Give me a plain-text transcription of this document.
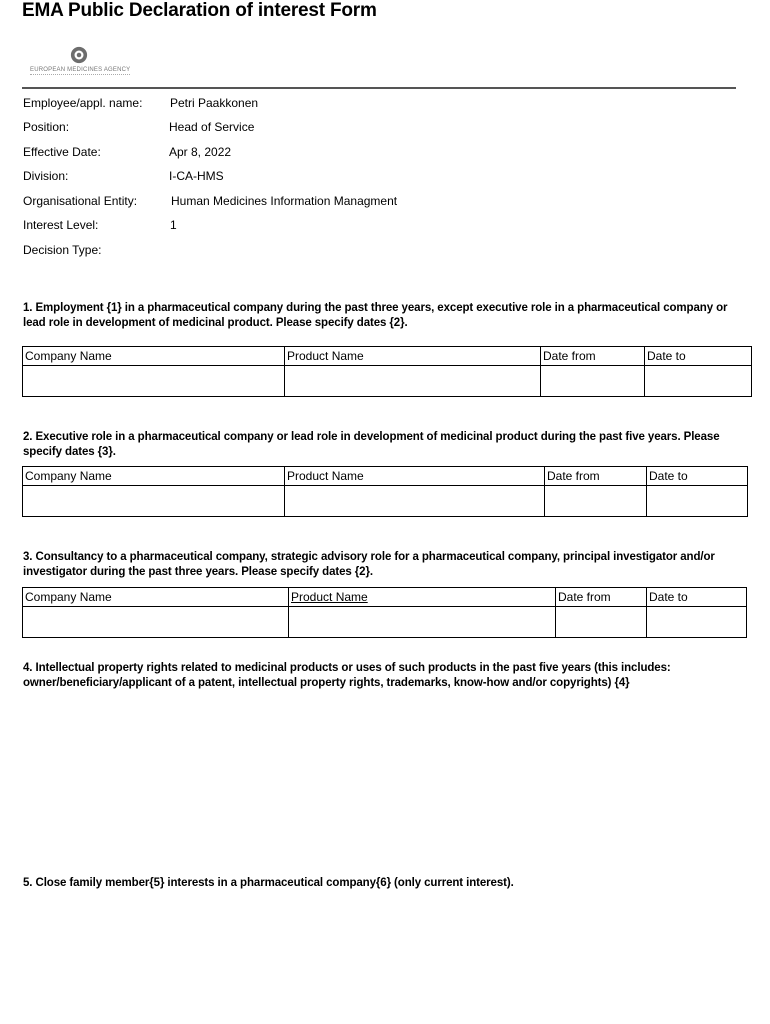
EMA Public Declaration of interest Form
EUROPEAN MEDICINES AGENCY
Employee/appl. name: Petri Paakkonen
Position:	Head of Service
Effective Date:	Apr 8, 2022
Division:	I-CA-HMS
Organisational Entity:	Human Medicines Information Managment
Interest Level:	1
Decision Type:
1. Employment {1} in a pharmaceutical company during the past three years, except executive role in a pharmaceutical company or lead role in development of medicinal product. Please specify dates {2}.
Company Name	Product Name	Date from	Date to

2. Executive role in a pharmaceutical company or lead role in development of medicinal product during the past five years. Please specify dates {3}.
Company Name	Product Name	Date from	Date to

3. Consultancy to a pharmaceutical company, strategic advisory role for a pharmaceutical company, principal investigator and/or investigator during the past three years. Please specify dates {2}.
Company Name	Product Name	Date from	Date to

4. Intellectual property rights related to medicinal products or uses of such products in the past five years (this includes: owner/beneficiary/applicant of a patent, intellectual property rights, trademarks, know-how and/or copyrights) {4}
5. Close family member{5} interests in a pharmaceutical company{6} (only current interest).
